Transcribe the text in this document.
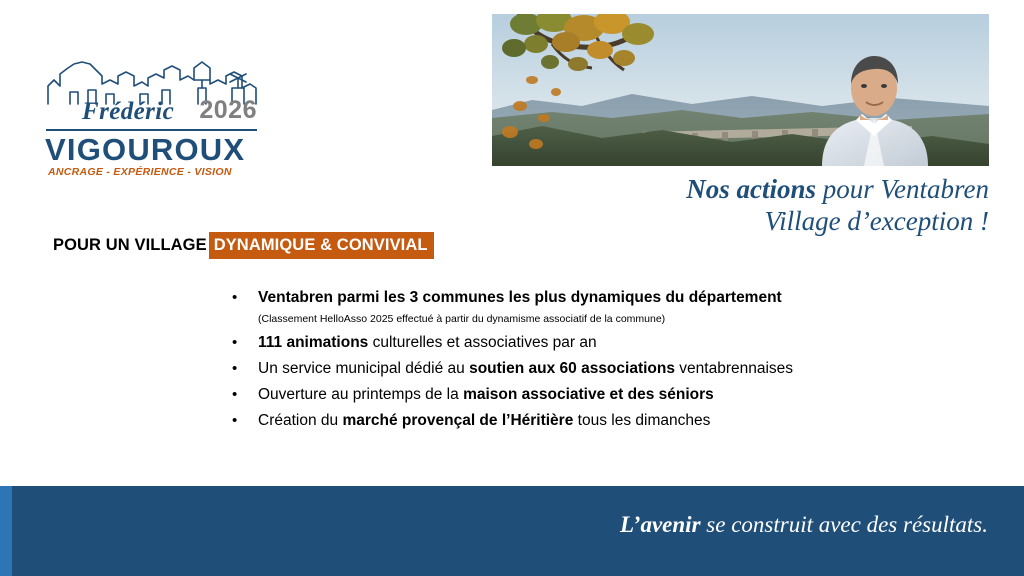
Frédéric 2026
VIGOUROUX
ANCRAGE - EXPÉRIENCE - VISION
Nos actions pour Ventabren
Village d’exception !
POUR UN VILLAGE DYNAMIQUE & CONVIVIAL
•	Ventabren parmi les 3 communes les plus dynamiques du département
(Classement HelloAsso 2025 effectué à partir du dynamisme associatif de la commune)
•	111 animations culturelles et associatives par an
•	Un service municipal dédié au soutien aux 60 associations ventabrennaises
•	Ouverture au printemps de la maison associative et des séniors
•	Création du marché provençal de l’Héritière tous les dimanches
L’avenir se construit avec des résultats.
